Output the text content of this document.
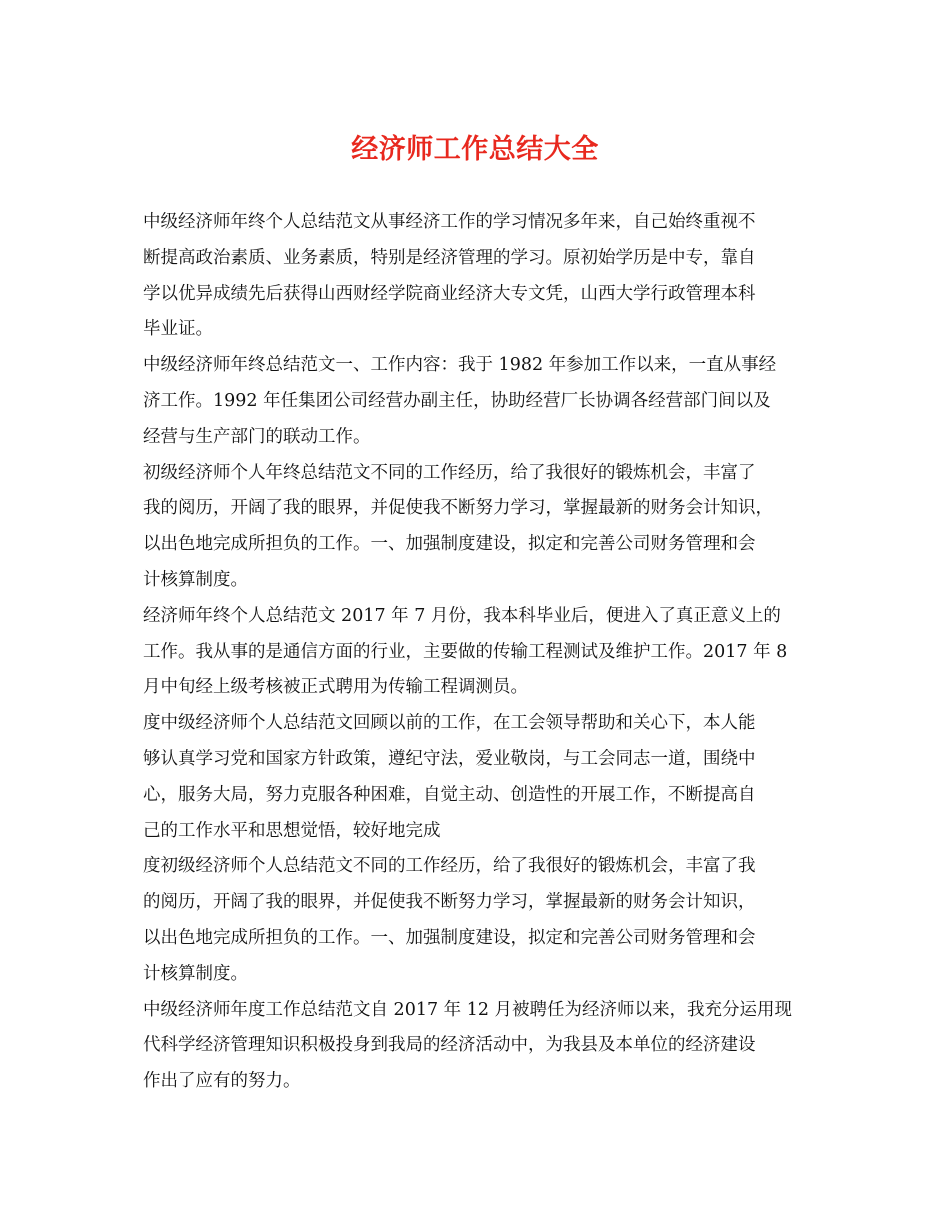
经济师工作总结大全
中级经济师年终个人总结范文从事经济工作的学习情况多年来，自己始终重视不
断提高政治素质、业务素质，特别是经济管理的学习。原初始学历是中专，靠自
学以优异成绩先后获得山西财经学院商业经济大专文凭，山西大学行政管理本科
毕业证。
中级经济师年终总结范文一、工作内容：我于 1982 年参加工作以来，一直从事经
济工作。1992 年任集团公司经营办副主任，协助经营厂长协调各经营部门间以及
经营与生产部门的联动工作。
初级经济师个人年终总结范文不同的工作经历，给了我很好的锻炼机会，丰富了
我的阅历，开阔了我的眼界，并促使我不断努力学习，掌握最新的财务会计知识，
以出色地完成所担负的工作。一、加强制度建设，拟定和完善公司财务管理和会
计核算制度。
经济师年终个人总结范文 2017 年 7 月份，我本科毕业后，便进入了真正意义上的
工作。我从事的是通信方面的行业，主要做的传输工程测试及维护工作。2017 年 8
月中旬经上级考核被正式聘用为传输工程调测员。
度中级经济师个人总结范文回顾以前的工作，在工会领导帮助和关心下，本人能
够认真学习党和国家方针政策，遵纪守法，爱业敬岗，与工会同志一道，围绕中
心，服务大局，努力克服各种困难，自觉主动、创造性的开展工作，不断提高自
己的工作水平和思想觉悟，较好地完成
度初级经济师个人总结范文不同的工作经历，给了我很好的锻炼机会，丰富了我
的阅历，开阔了我的眼界，并促使我不断努力学习，掌握最新的财务会计知识，
以出色地完成所担负的工作。一、加强制度建设，拟定和完善公司财务管理和会
计核算制度。
中级经济师年度工作总结范文自 2017 年 12 月被聘任为经济师以来，我充分运用现
代科学经济管理知识积极投身到我局的经济活动中，为我县及本单位的经济建设
作出了应有的努力。
